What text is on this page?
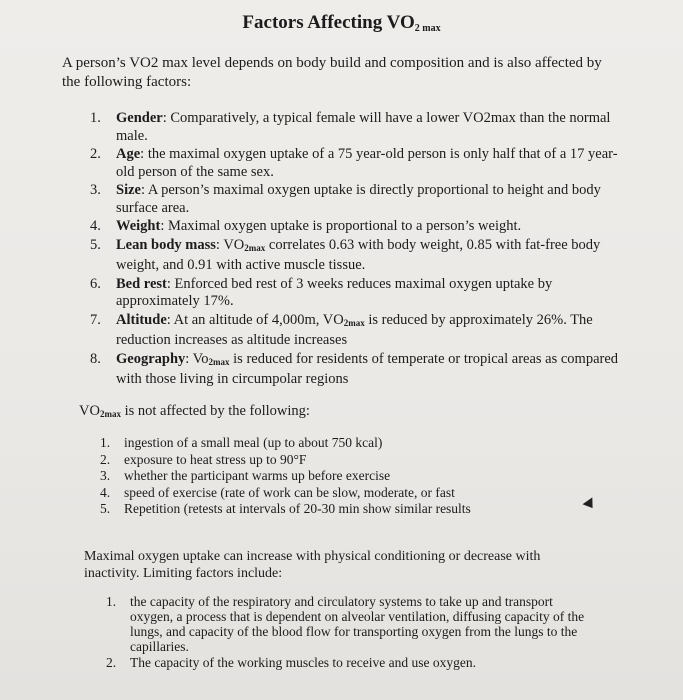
Factors Affecting $VO_{2 max}$
A person’s VO2 max level depends on body build and composition and is also affected by the following factors:
1. Gender: Comparatively, a typical female will have a lower VO2max than the normal male.
2. Age: the maximal oxygen uptake of a 75 year-old person is only half that of a 17 year-old person of the same sex.
3. Size: A person’s maximal oxygen uptake is directly proportional to height and body surface area.
4. Weight: Maximal oxygen uptake is proportional to a person’s weight.
5. Lean body mass: $VO_{2max}$ correlates 0.63 with body weight, 0.85 with fat-free body weight, and 0.91 with active muscle tissue.
6. Bed rest: Enforced bed rest of 3 weeks reduces maximal oxygen uptake by approximately 17%.
7. Altitude: At an altitude of 4,000m, $VO_{2max}$ is reduced by approximately 26%. The reduction increases as altitude increases
8. Geography: $Vo_{2max}$ is reduced for residents of temperate or tropical areas as compared with those living in circumpolar regions
$VO_{2max}$ is not affected by the following:
1. ingestion of a small meal (up to about 750 kcal)
2. exposure to heat stress up to 90°F
3. whether the participant warms up before exercise
4. speed of exercise (rate of work can be slow, moderate, or fast
5. Repetition (retests at intervals of 20-30 min show similar results
Maximal oxygen uptake can increase with physical conditioning or decrease with inactivity. Limiting factors include:
1. the capacity of the respiratory and circulatory systems to take up and transport oxygen, a process that is dependent on alveolar ventilation, diffusing capacity of the lungs, and capacity of the blood flow for transporting oxygen from the lungs to the capillaries.
2. The capacity of the working muscles to receive and use oxygen.
